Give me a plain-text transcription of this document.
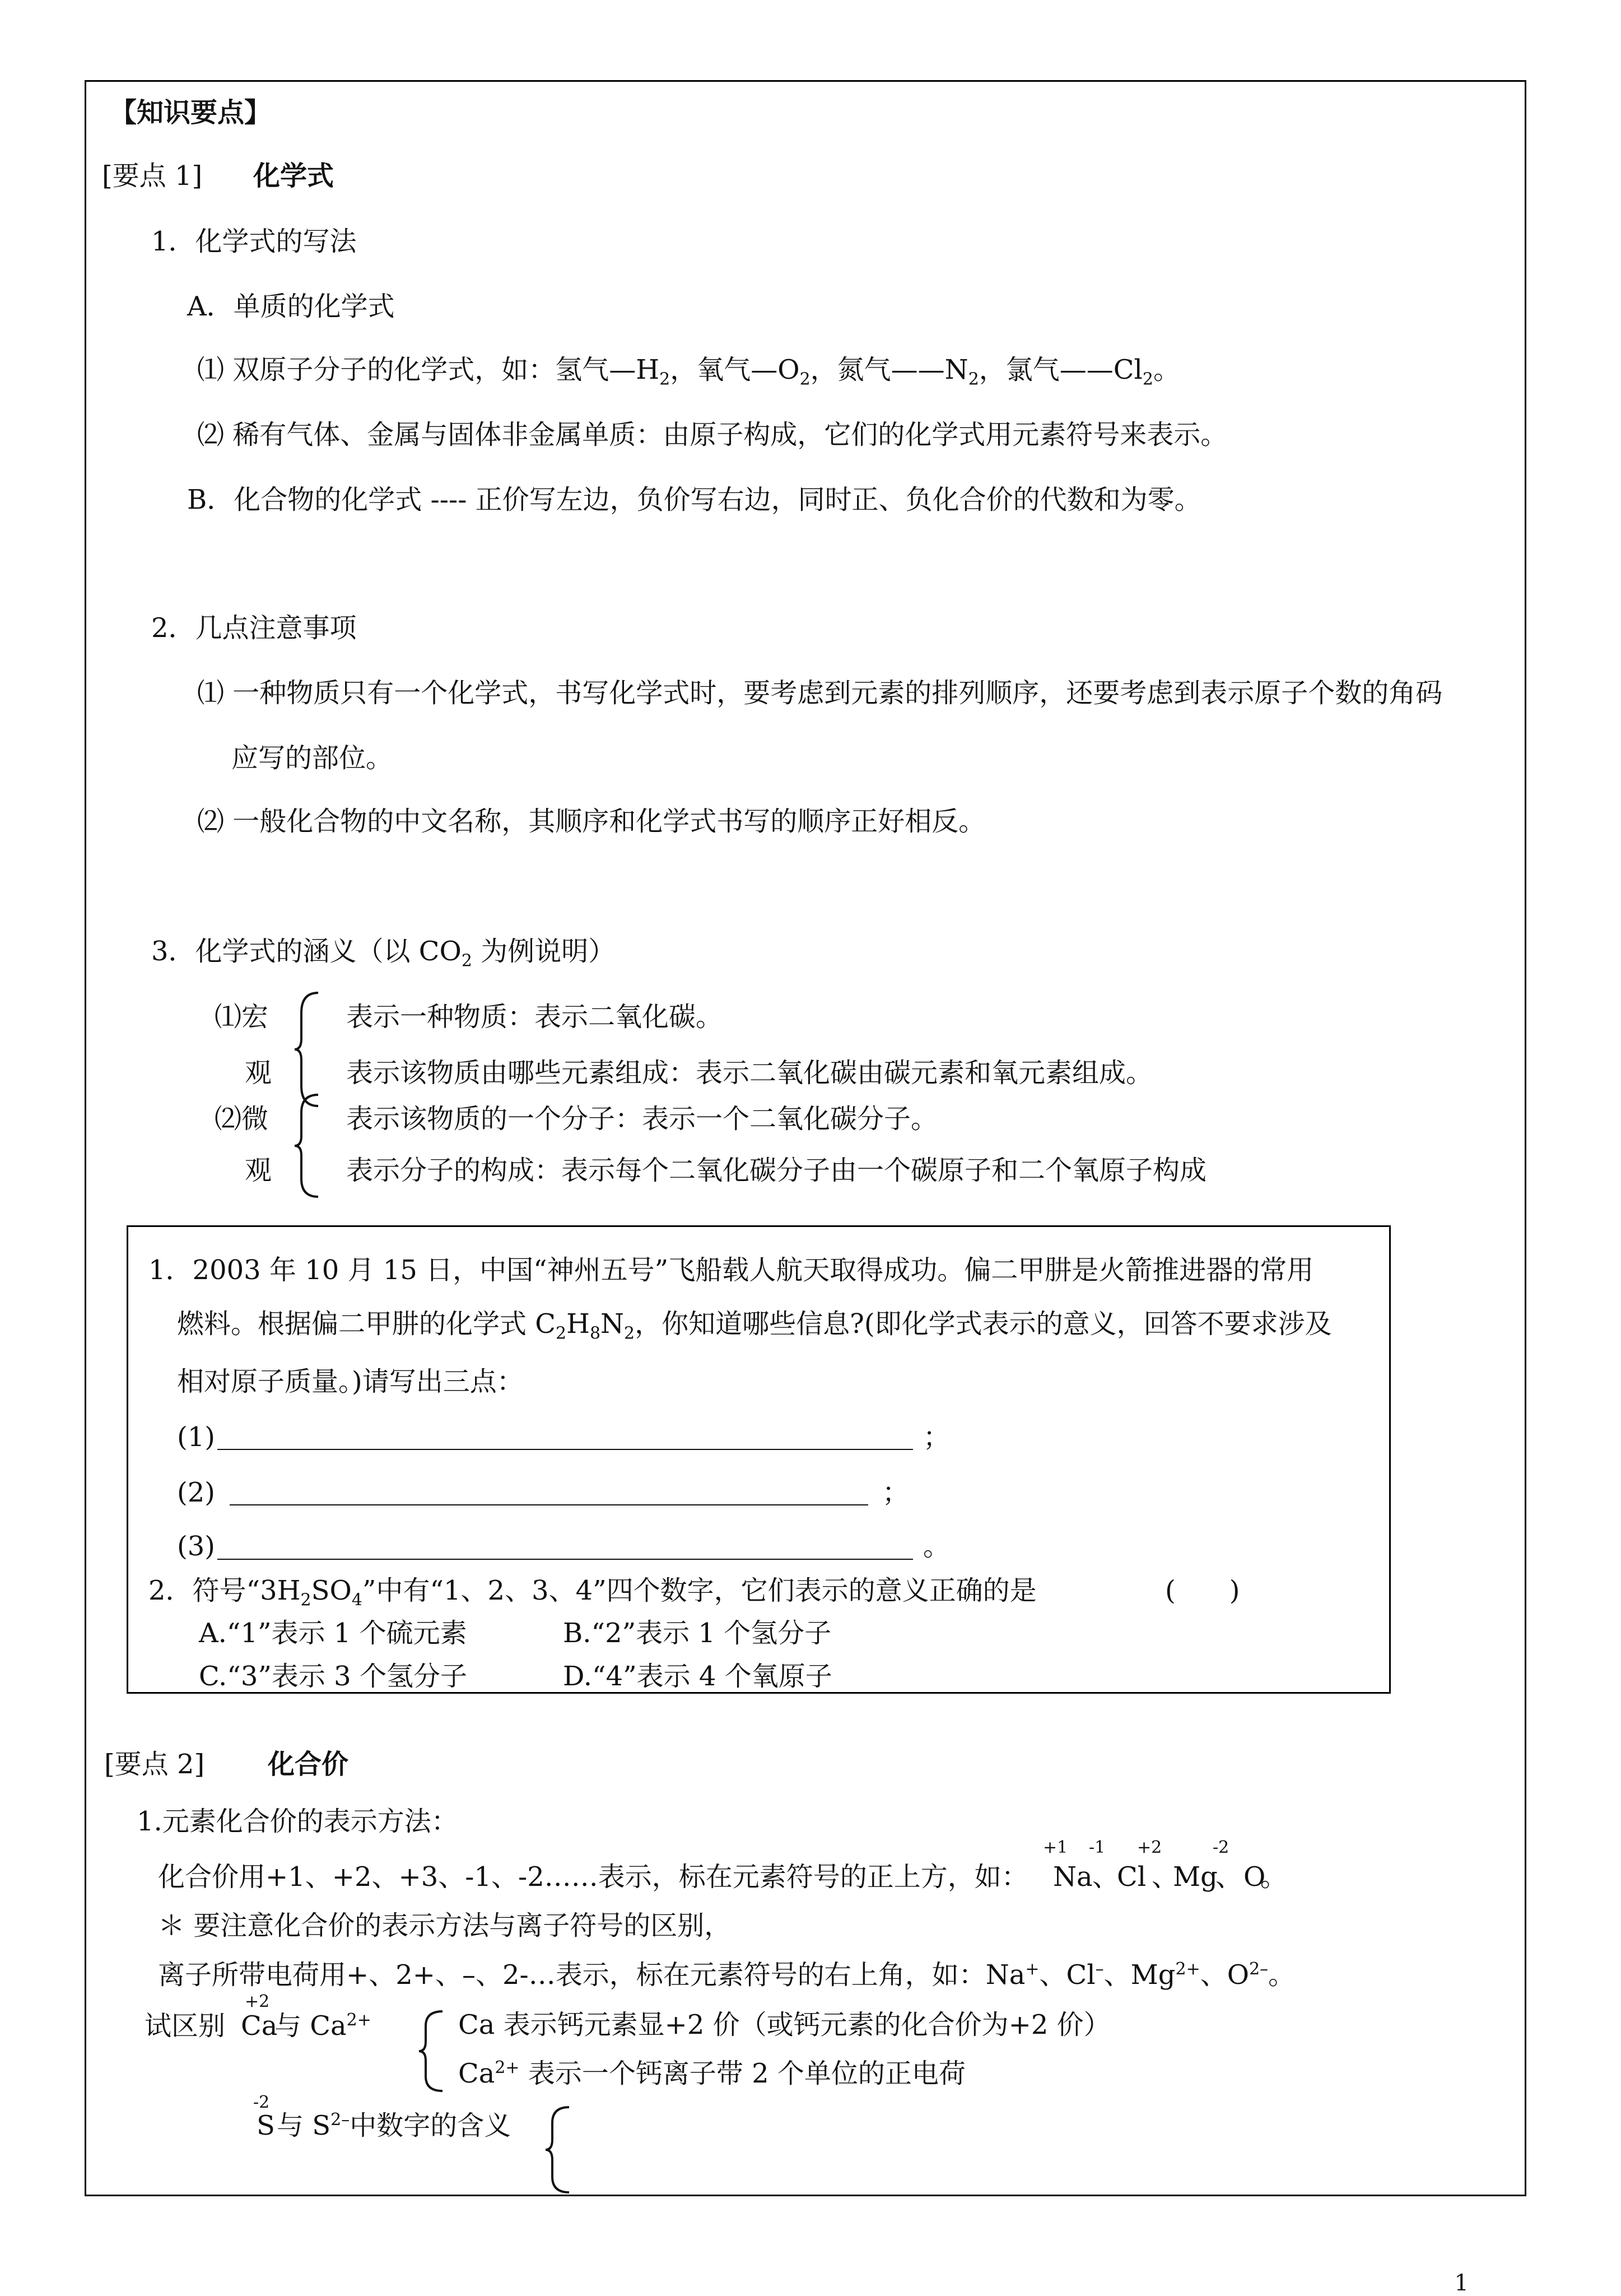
【知识要点】
[要点 1] 化学式
1．化学式的写法
A．单质的化学式
⑴ 双原子分子的化学式，如：氢气$—H_2$，氧气$—O_2$，氮气$——N_2$，氯气$——Cl_2$。
⑵ 稀有气体、金属与固体非金属单质：由原子构成，它们的化学式用元素符号来表示。
B．化合物的化学式 ---- 正价写左边，负价写右边，同时正、负化合价的代数和为零。
2．几点注意事项
⑴ 一种物质只有一个化学式，书写化学式时，要考虑到元素的排列顺序，还要考虑到表示原子个数的角码
应写的部位。
⑵ 一般化合物的中文名称，其顺序和化学式书写的顺序正好相反。
3．化学式的涵义（以 $CO_2$ 为例说明）
⑴宏
观
表示一种物质：表示二氧化碳。
表示该物质由哪些元素组成：表示二氧化碳由碳元素和氧元素组成。
⑵微
观
表示该物质的一个分子：表示一个二氧化碳分子。
表示分子的构成：表示每个二氧化碳分子由一个碳原子和二个氧原子构成
1．2003 年 10 月 15 日，中国“神州五号”飞船载人航天取得成功。偏二甲肼是火箭推进器的常用
燃料。根据偏二甲肼的化学式 $C_2H_8N_2$，你知道哪些信息?(即化学式表示的意义，回答不要求涉及
相对原子质量。)请写出三点：
(1)	；
(2)	；
(3)	。
2．符号“$3H_2SO_4$”中有“1、2、3、4”四个数字，它们表示的意义正确的是	(　　)
A.“1”表示 1 个硫元素	B.“2”表示 1 个氢分子
C.“3”表示 3 个氢分子	D.“4”表示 4 个氧原子
[要点 2] 化合价
1.元素化合价的表示方法：
化合价用+1、+2、+3、-1、-2……表示，标在元素符号的正上方，如： Na 、
Cl 、
Mg
、 O
。
+1 -1 +2	-2
＊ 要注意化合价的表示方法与离子符号的区别，
离子所带电荷用+、2+、–、2-…表示，标在元素符号的右上角，如：Na+、Cl–、$Mg^{2+}$、$O^{2-}$。
试区别
+2
Ca
与 $Ca^{2+}$	Ca 表示钙元素显+2 价（或钙元素的化合价为+2 价）
$Ca^{2+}$ 表示一个钙离子带 2 个单位的正电荷
-2
S 与 $S^{2-}$中数字的含义
1
